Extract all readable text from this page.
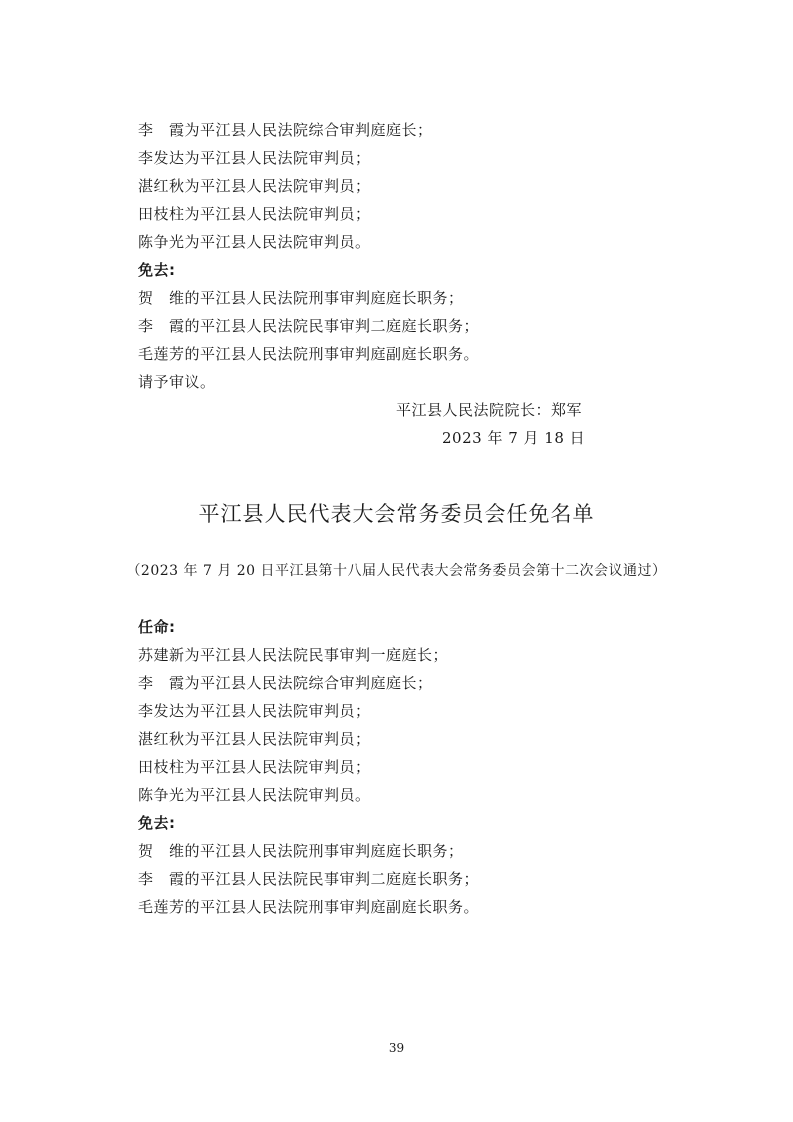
李　霞为平江县人民法院综合审判庭庭长；
李发达为平江县人民法院审判员；
湛红秋为平江县人民法院审判员；
田枝柱为平江县人民法院审判员；
陈争光为平江县人民法院审判员。
免去:
贺　维的平江县人民法院刑事审判庭庭长职务；
李　霞的平江县人民法院民事审判二庭庭长职务；
毛莲芳的平江县人民法院刑事审判庭副庭长职务。
请予审议。
平江县人民法院院长：郑军
2023 年 7 月 18 日
平江县人民代表大会常务委员会任免名单
（2023 年 7 月 20 日平江县第十八届人民代表大会常务委员会第十二次会议通过）
任命:
苏建新为平江县人民法院民事审判一庭庭长；
李　霞为平江县人民法院综合审判庭庭长；
李发达为平江县人民法院审判员；
湛红秋为平江县人民法院审判员；
田枝柱为平江县人民法院审判员；
陈争光为平江县人民法院审判员。
免去:
贺　维的平江县人民法院刑事审判庭庭长职务；
李　霞的平江县人民法院民事审判二庭庭长职务；
毛莲芳的平江县人民法院刑事审判庭副庭长职务。
39
